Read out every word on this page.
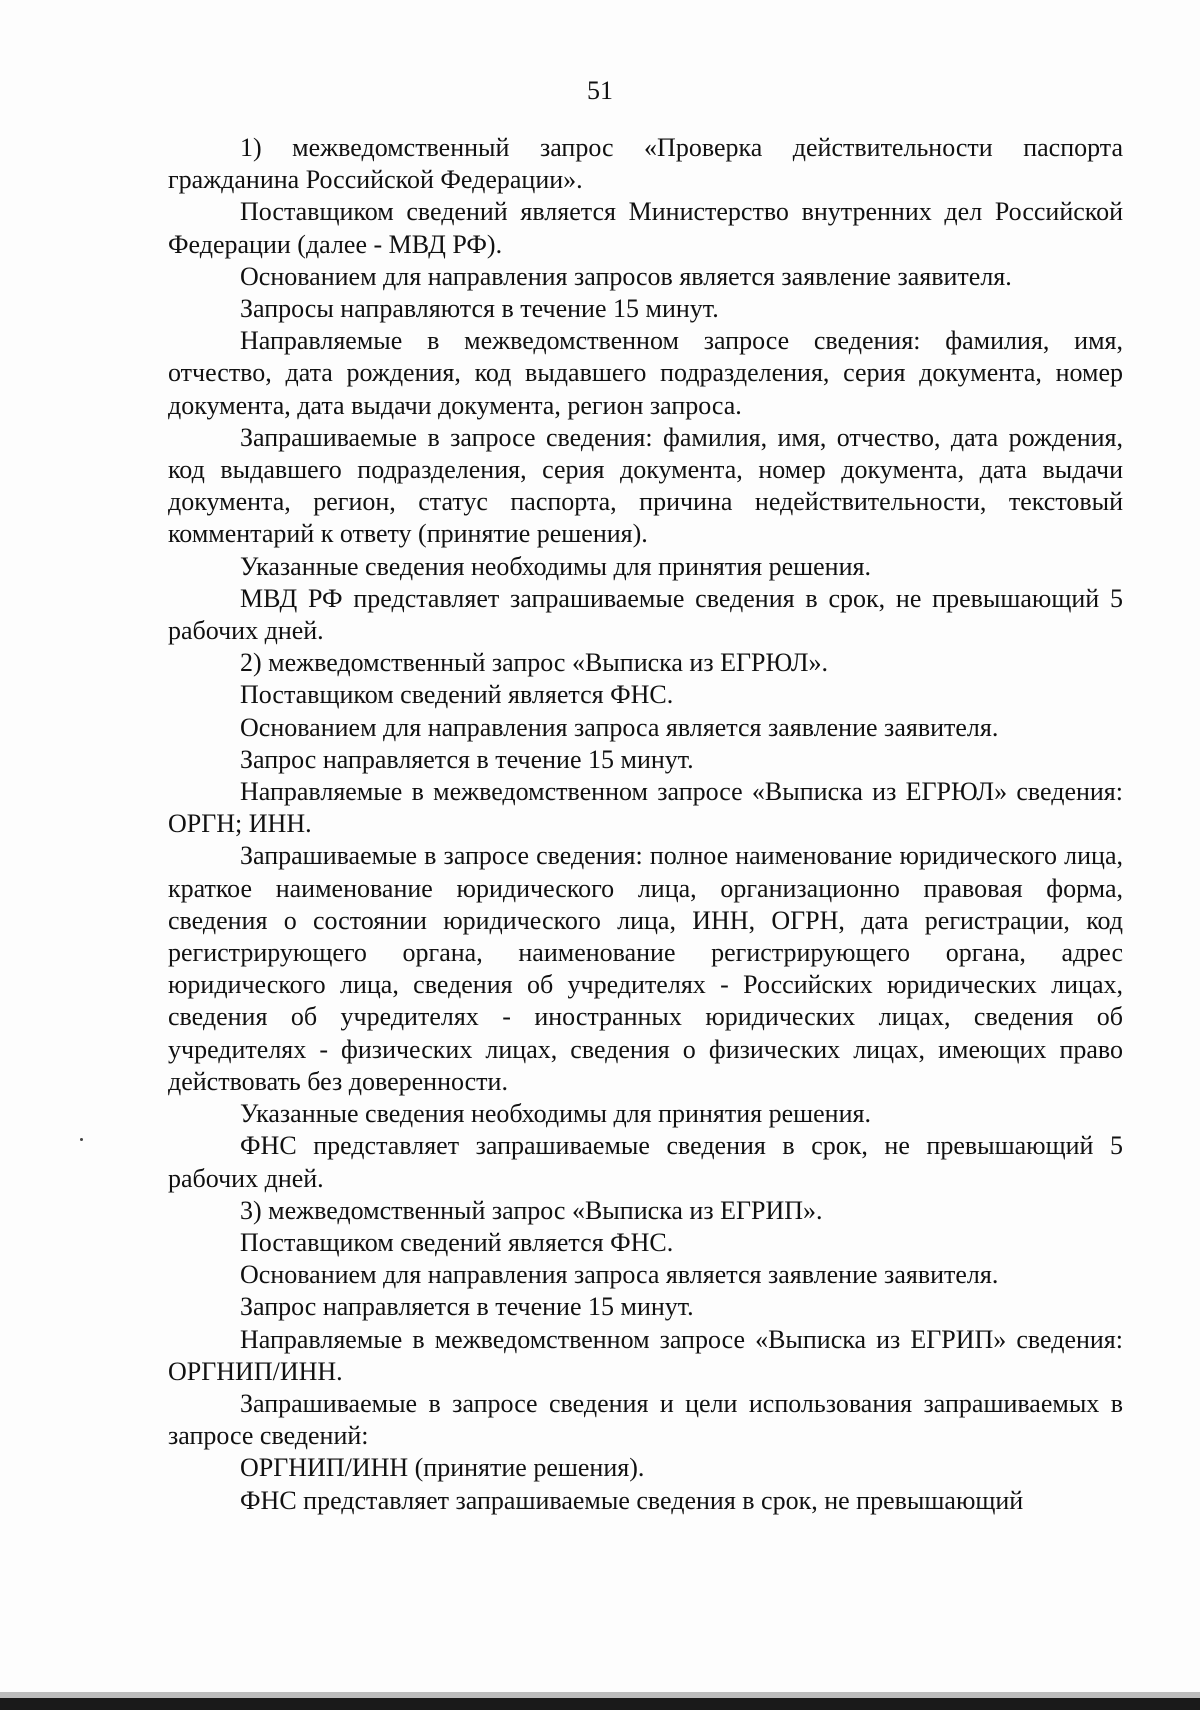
51

1) межведомственный запрос «Проверка действительности паспорта гражданина Российской Федерации».

Поставщиком сведений является Министерство внутренних дел Российской Федерации (далее - МВД РФ).

Основанием для направления запросов является заявление заявителя.

Запросы направляются в течение 15 минут.

Направляемые в межведомственном запросе сведения: фамилия, имя, отчество, дата рождения, код выдавшего подразделения, серия документа, номер документа, дата выдачи документа, регион запроса.

Запрашиваемые в запросе сведения: фамилия, имя, отчество, дата рождения, код выдавшего подразделения, серия документа, номер документа, дата выдачи документа, регион, статус паспорта, причина недействительности, текстовый комментарий к ответу (принятие решения).

Указанные сведения необходимы для принятия решения.

МВД РФ представляет запрашиваемые сведения в срок, не превышающий 5 рабочих дней.

2) межведомственный запрос «Выписка из ЕГРЮЛ».

Поставщиком сведений является ФНС.

Основанием для направления запроса является заявление заявителя.

Запрос направляется в течение 15 минут.

Направляемые в межведомственном запросе «Выписка из ЕГРЮЛ» сведения: ОРГН; ИНН.

Запрашиваемые в запросе сведения: полное наименование юридического лица, краткое наименование юридического лица, организационно правовая форма, сведения о состоянии юридического лица, ИНН, ОГРН, дата регистрации, код регистрирующего органа, наименование регистрирующего органа, адрес юридического лица, сведения об учредителях - Российских юридических лицах, сведения об учредителях - иностранных юридических лицах, сведения об учредителях - физических лицах, сведения о физических лицах, имеющих право действовать без доверенности.

Указанные сведения необходимы для принятия решения.

ФНС представляет запрашиваемые сведения в срок, не превышающий 5 рабочих дней.

3) межведомственный запрос «Выписка из ЕГРИП».

Поставщиком сведений является ФНС.

Основанием для направления запроса является заявление заявителя.

Запрос направляется в течение 15 минут.

Направляемые в межведомственном запросе «Выписка из ЕГРИП» сведения: ОРГНИП/ИНН.

Запрашиваемые в запросе сведения и цели использования запрашиваемых в запросе сведений:

ОРГНИП/ИНН (принятие решения).

ФНС представляет запрашиваемые сведения в срок, не превышающий
